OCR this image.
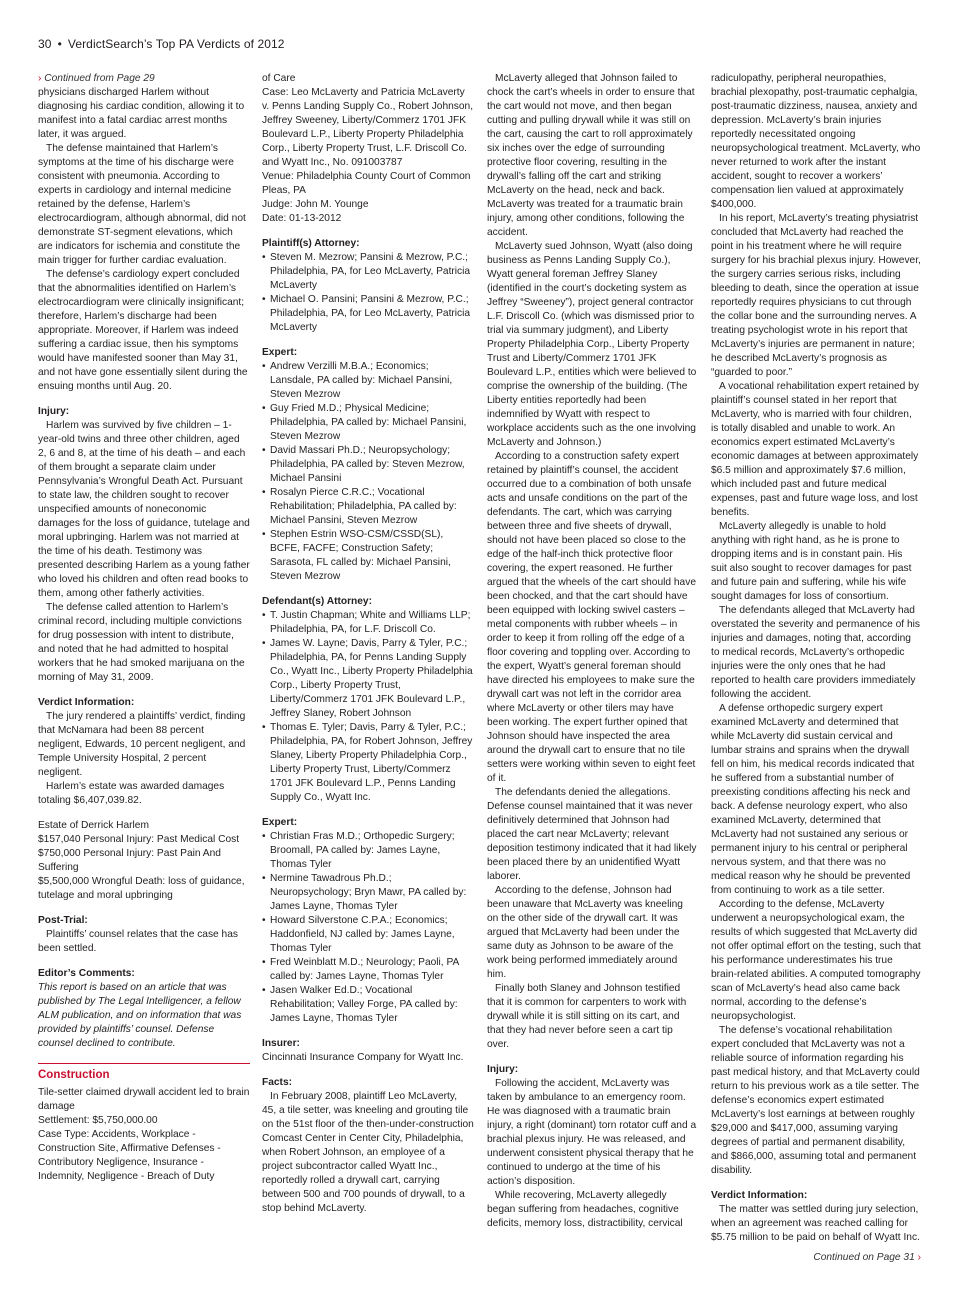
30 • VerdictSearch’s Top PA Verdicts of 2012
› Continued from Page 29

physicians discharged Harlem without diagnosing his cardiac condition, allowing it to manifest into a fatal cardiac arrest months later, it was argued.

The defense maintained that Harlem’s symptoms at the time of his discharge were consistent with pneumonia. According to experts in cardiology and internal medicine retained by the defense, Harlem’s electrocardiogram, although abnormal, did not demonstrate ST-segment elevations, which are indicators for ischemia and constitute the main trigger for further cardiac evaluation.

The defense’s cardiology expert concluded that the abnormalities identified on Harlem’s electrocardiogram were clinically insignificant; therefore, Harlem’s discharge had been appropriate. Moreover, if Harlem was indeed suffering a cardiac issue, then his symptoms would have manifested sooner than May 31, and not have gone essentially silent during the ensuing months until Aug. 20.

Injury:

Harlem was survived by five children – 1-year-old twins and three other children, aged 2, 6 and 8, at the time of his death – and each of them brought a separate claim under Pennsylvania’s Wrongful Death Act. Pursuant to state law, the children sought to recover unspecified amounts of noneconomic damages for the loss of guidance, tutelage and moral upbringing. Harlem was not married at the time of his death. Testimony was presented describing Harlem as a young father who loved his children and often read books to them, among other fatherly activities.

The defense called attention to Harlem’s criminal record, including multiple convictions for drug possession with intent to distribute, and noted that he had admitted to hospital workers that he had smoked marijuana on the morning of May 31, 2009.

Verdict Information:

The jury rendered a plaintiffs’ verdict, finding that McNamara had been 88 percent negligent, Edwards, 10 percent negligent, and Temple University Hospital, 2 percent negligent.

Harlem’s estate was awarded damages totaling $6,407,039.82.

Estate of Derrick Harlem

$157,040 Personal Injury: Past Medical Cost

$750,000 Personal Injury: Past Pain And Suffering

$5,500,000 Wrongful Death: loss of guidance, tutelage and moral upbringing

Post-Trial:

Plaintiffs’ counsel relates that the case has been settled.

Editor’s Comments:

This report is based on an article that was published by The Legal Intelligencer, a fellow ALM publication, and on information that was provided by plaintiffs’ counsel. Defense counsel declined to contribute.

Construction

Tile-setter claimed drywall accident led to brain damage

Settlement: $5,750,000.00

Case Type: Accidents, Workplace - Construction Site, Affirmative Defenses - Contributory Negligence, Insurance - Indemnity, Negligence - Breach of Duty

of Care

Case: Leo McLaverty and Patricia McLaverty v. Penns Landing Supply Co., Robert Johnson, Jeffrey Sweeney, Liberty/Commerz 1701 JFK Boulevard L.P., Liberty Property Philadelphia Corp., Liberty Property Trust, L.F. Driscoll Co. and Wyatt Inc., No. 091003787

Venue: Philadelphia County Court of Common Pleas, PA

Judge: John M. Younge

Date: 01-13-2012

Plaintiff(s) Attorney:
• Steven M. Mezrow; Pansini & Mezrow, P.C.; Philadelphia, PA, for Leo McLaverty, Patricia McLaverty
• Michael O. Pansini; Pansini & Mezrow, P.C.; Philadelphia, PA, for Leo McLaverty, Patricia McLaverty
Expert:
• Andrew Verzilli M.B.A.; Economics; Lansdale, PA called by: Michael Pansini, Steven Mezrow
• Guy Fried M.D.; Physical Medicine; Philadelphia, PA called by: Michael Pansini, Steven Mezrow
• David Massari Ph.D.; Neuropsychology; Philadelphia, PA called by: Steven Mezrow, Michael Pansini
• Rosalyn Pierce C.R.C.; Vocational Rehabilitation; Philadelphia, PA called by: Michael Pansini, Steven Mezrow
• Stephen Estrin WSO-CSM/CSSD(SL), BCFE, FACFE; Construction Safety; Sarasota, FL called by: Michael Pansini, Steven Mezrow
Defendant(s) Attorney:
• T. Justin Chapman; White and Williams LLP; Philadelphia, PA, for L.F. Driscoll Co.
• James W. Layne; Davis, Parry & Tyler, P.C.; Philadelphia, PA, for Penns Landing Supply Co., Wyatt Inc., Liberty Property Philadelphia Corp., Liberty Property Trust, Liberty/Commerz 1701 JFK Boulevard L.P., Jeffrey Slaney, Robert Johnson
• Thomas E. Tyler; Davis, Parry & Tyler, P.C.; Philadelphia, PA, for Robert Johnson, Jeffrey Slaney, Liberty Property Philadelphia Corp., Liberty Property Trust, Liberty/Commerz 1701 JFK Boulevard L.P., Penns Landing Supply Co., Wyatt Inc.
Expert:
• Christian Fras M.D.; Orthopedic Surgery; Broomall, PA called by: James Layne, Thomas Tyler
• Nermine Tawadrous Ph.D.; Neuropsychology; Bryn Mawr, PA called by: James Layne, Thomas Tyler
• Howard Silverstone C.P.A.; Economics; Haddonfield, NJ called by: James Layne, Thomas Tyler
• Fred Weinblatt M.D.; Neurology; Paoli, PA called by: James Layne, Thomas Tyler
• Jasen Walker Ed.D.; Vocational Rehabilitation; Valley Forge, PA called by: James Layne, Thomas Tyler
Insurer:

Cincinnati Insurance Company for Wyatt Inc.

Facts:

In February 2008, plaintiff Leo McLaverty, 45, a tile setter, was kneeling and grouting tile on the 51st floor of the then-under-construction Comcast Center in Center City, Philadelphia, when Robert Johnson, an employee of a project subcontractor called Wyatt Inc., reportedly rolled a drywall cart, carrying between 500 and 700 pounds of drywall, to a stop behind McLaverty.

McLaverty alleged that Johnson failed to chock the cart’s wheels in order to ensure that the cart would not move, and then began cutting and pulling drywall while it was still on the cart, causing the cart to roll approximately six inches over the edge of surrounding protective floor covering, resulting in the drywall’s falling off the cart and striking McLaverty on the head, neck and back. McLaverty was treated for a traumatic brain injury, among other conditions, following the accident.

McLaverty sued Johnson, Wyatt (also doing business as Penns Landing Supply Co.), Wyatt general foreman Jeffrey Slaney (identified in the court’s docketing system as Jeffrey “Sweeney”), project general contractor L.F. Driscoll Co. (which was dismissed prior to trial via summary judgment), and Liberty Property Philadelphia Corp., Liberty Property Trust and Liberty/Commerz 1701 JFK Boulevard L.P., entities which were believed to comprise the ownership of the building. (The Liberty entities reportedly had been indemnified by Wyatt with respect to workplace accidents such as the one involving McLaverty and Johnson.)

According to a construction safety expert retained by plaintiff’s counsel, the accident occurred due to a combination of both unsafe acts and unsafe conditions on the part of the defendants. The cart, which was carrying between three and five sheets of drywall, should not have been placed so close to the edge of the half-inch thick protective floor covering, the expert reasoned. He further argued that the wheels of the cart should have been chocked, and that the cart should have been equipped with locking swivel casters – metal components with rubber wheels – in order to keep it from rolling off the edge of a floor covering and toppling over. According to the expert, Wyatt’s general foreman should have directed his employees to make sure the drywall cart was not left in the corridor area where McLaverty or other tilers may have been working. The expert further opined that Johnson should have inspected the area around the drywall cart to ensure that no tile setters were working within seven to eight feet of it.

The defendants denied the allegations. Defense counsel maintained that it was never definitively determined that Johnson had placed the cart near McLaverty; relevant deposition testimony indicated that it had likely been placed there by an unidentified Wyatt laborer.

According to the defense, Johnson had been unaware that McLaverty was kneeling on the other side of the drywall cart. It was argued that McLaverty had been under the same duty as Johnson to be aware of the work being performed immediately around him.

Finally both Slaney and Johnson testified that it is common for carpenters to work with drywall while it is still sitting on its cart, and that they had never before seen a cart tip over.

Injury:

Following the accident, McLaverty was taken by ambulance to an emergency room. He was diagnosed with a traumatic brain injury, a right (dominant) torn rotator cuff and a brachial plexus injury. He was released, and underwent consistent physical therapy that he continued to undergo at the time of his action’s disposition.

While recovering, McLaverty allegedly began suffering from headaches, cognitive deficits, memory loss, distractibility, cervical

radiculopathy, peripheral neuropathies, brachial plexopathy, post-traumatic cephalgia, post-traumatic dizziness, nausea, anxiety and depression. McLaverty’s brain injuries reportedly necessitated ongoing neuropsychological treatment. McLaverty, who never returned to work after the instant accident, sought to recover a workers’ compensation lien valued at approximately $400,000.

In his report, McLaverty’s treating physiatrist concluded that McLaverty had reached the point in his treatment where he will require surgery for his brachial plexus injury. However, the surgery carries serious risks, including bleeding to death, since the operation at issue reportedly requires physicians to cut through the collar bone and the surrounding nerves. A treating psychologist wrote in his report that McLaverty’s injuries are permanent in nature; he described McLaverty’s prognosis as “guarded to poor.”

A vocational rehabilitation expert retained by plaintiff’s counsel stated in her report that McLaverty, who is married with four children, is totally disabled and unable to work. An economics expert estimated McLaverty’s economic damages at between approximately $6.5 million and approximately $7.6 million, which included past and future medical expenses, past and future wage loss, and lost benefits.

McLaverty allegedly is unable to hold anything with right hand, as he is prone to dropping items and is in constant pain. His suit also sought to recover damages for past and future pain and suffering, while his wife sought damages for loss of consortium.

The defendants alleged that McLaverty had overstated the severity and permanence of his injuries and damages, noting that, according to medical records, McLaverty’s orthopedic injuries were the only ones that he had reported to health care providers immediately following the accident.

A defense orthopedic surgery expert examined McLaverty and determined that while McLaverty did sustain cervical and lumbar strains and sprains when the drywall fell on him, his medical records indicated that he suffered from a substantial number of preexisting conditions affecting his neck and back. A defense neurology expert, who also examined McLaverty, determined that McLaverty had not sustained any serious or permanent injury to his central or peripheral nervous system, and that there was no medical reason why he should be prevented from continuing to work as a tile setter.

According to the defense, McLaverty underwent a neuropsychological exam, the results of which suggested that McLaverty did not offer optimal effort on the testing, such that his performance underestimates his true brain-related abilities. A computed tomography scan of McLaverty’s head also came back normal, according to the defense’s neuropsychologist.

The defense’s vocational rehabilitation expert concluded that McLaverty was not a reliable source of information regarding his past medical history, and that McLaverty could return to his previous work as a tile setter. The defense’s economics expert estimated McLaverty’s lost earnings at between roughly $29,000 and $417,000, assuming varying degrees of partial and permanent disability, and $866,000, assuming total and permanent disability.

Verdict Information:

The matter was settled during jury selection, when an agreement was reached calling for $5.75 million to be paid on behalf of Wyatt Inc.

Continued on Page 31 ›
